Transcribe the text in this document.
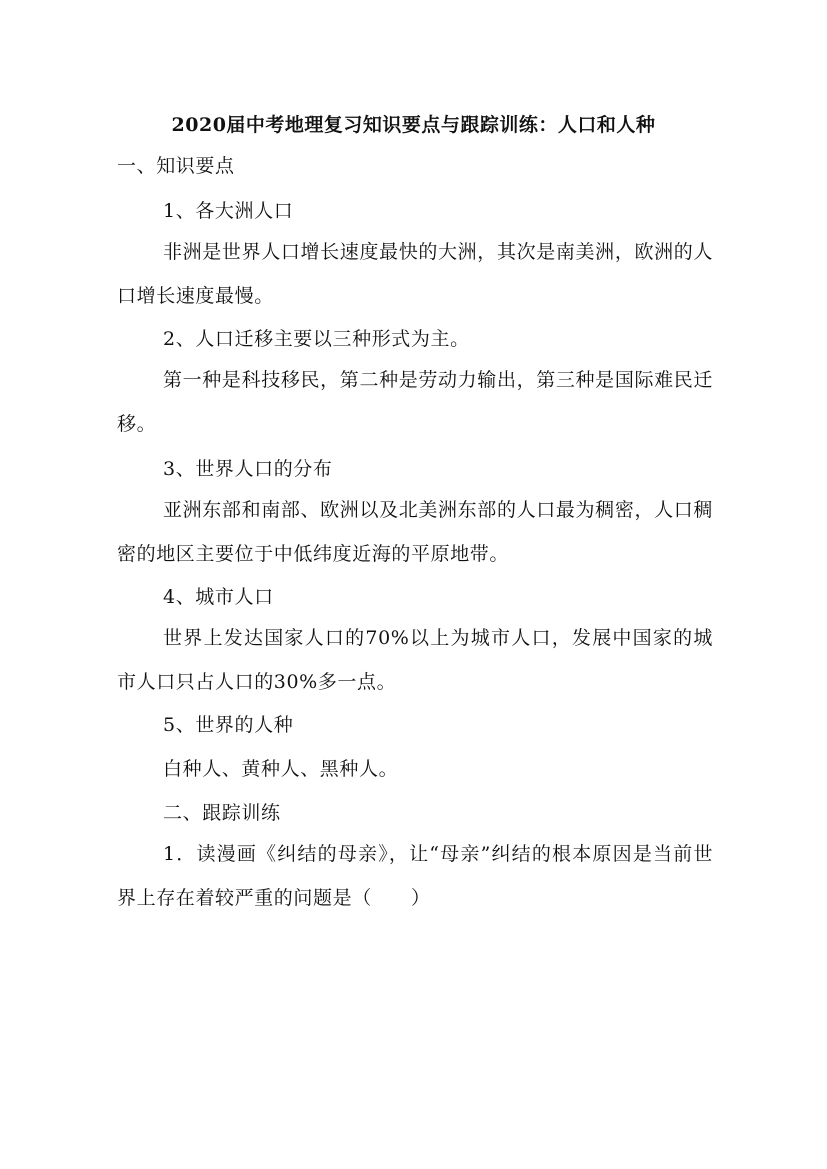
2020届中考地理复习知识要点与跟踪训练：人口和人种
一、知识要点
1、各大洲人口
非洲是世界人口增长速度最快的大洲，其次是南美洲，欧洲的人口增长速度最慢。
2、人口迁移主要以三种形式为主。
第一种是科技移民，第二种是劳动力输出，第三种是国际难民迁移。
3、世界人口的分布
亚洲东部和南部、欧洲以及北美洲东部的人口最为稠密，人口稠密的地区主要位于中低纬度近海的平原地带。
4、城市人口
世界上发达国家人口的70%以上为城市人口，发展中国家的城市人口只占人口的30%多一点。
5、世界的人种
白种人、黄种人、黑种人。
二、跟踪训练
1．读漫画《纠结的母亲》，让“母亲”纠结的根本原因是当前世界上存在着较严重的问题是（　　）
